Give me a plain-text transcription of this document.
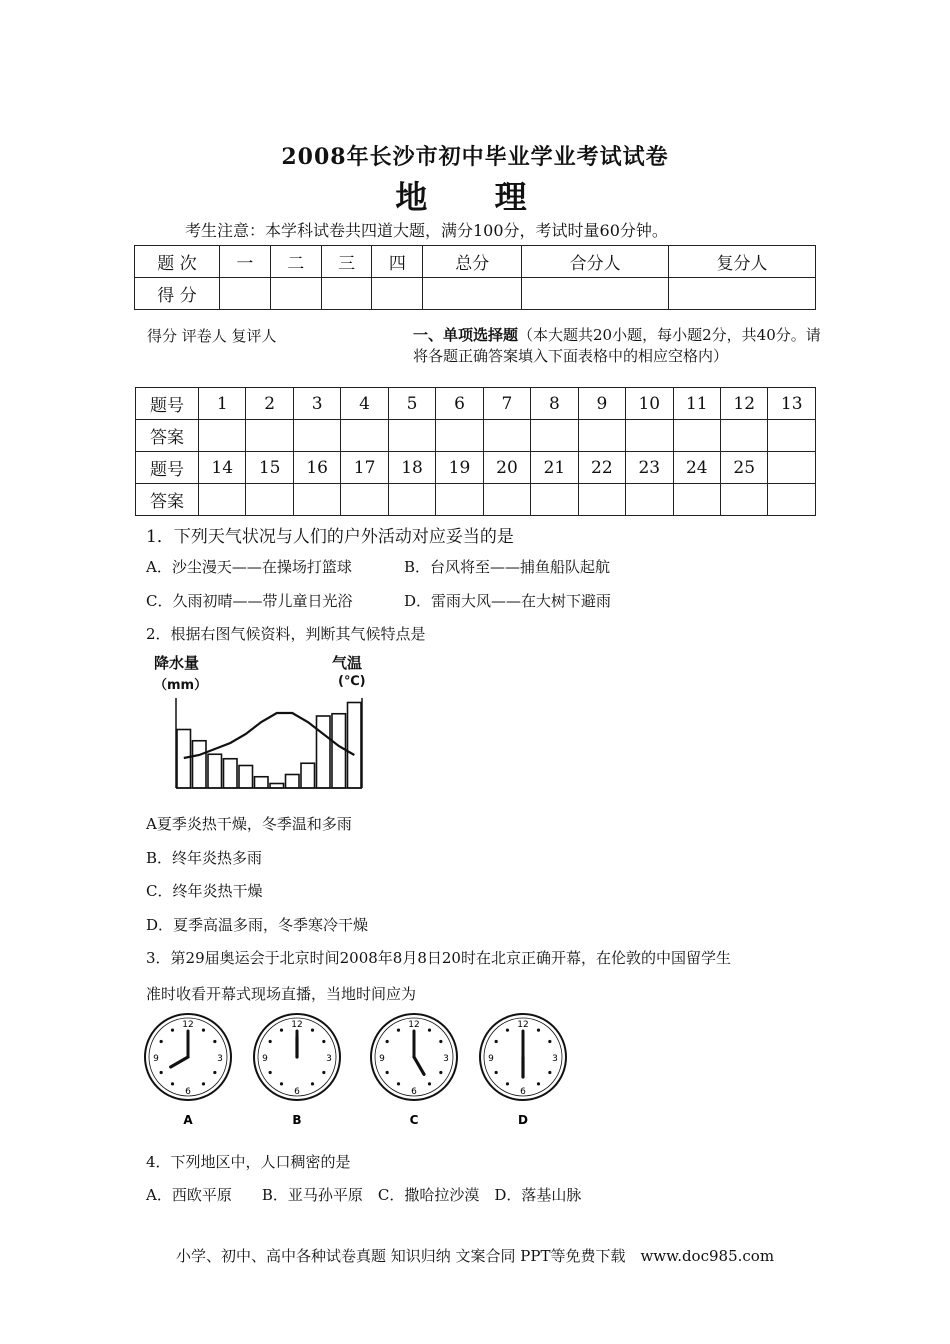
2008年长沙市初中毕业学业考试试卷
地 理
考生注意：本学科试卷共四道大题，满分100分，考试时量60分钟。
题 次	一	二	三	四	总分	合分人	复分人
得 分							
得分 评卷人 复评人	一、单项选择题（本大题共20小题，每小题2分，共40分。请将各题正确答案填入下面表格中的相应空格内）
题号	1	2	3	4	5	6	7	8	9	10	11	12	13
答案													
题号	14	15	16	17	18	19	20	21	22	23	24	25	
答案													
1．下列天气状况与人们的户外活动对应妥当的是
A．沙尘漫天——在操场打篮球	B．台风将至——捕鱼船队起航
C．久雨初晴——带儿童日光浴	D．雷雨大风——在大树下避雨
2．根据右图气候资料，判断其气候特点是
降水量
（mm）
气温
(℃)
A夏季炎热干燥，冬季温和多雨
B．终年炎热多雨
C．终年炎热干燥
D．夏季高温多雨，冬季寒冷干燥
3．第29届奥运会于北京时间2008年8月8日20时在北京正确开幕，在伦敦的中国留学生
准时收看开幕式现场直播，当地时间应为
12
3
6
9
A
12
3
6
9
B
12
3
6
9
C
12
3
6
9
D
4．下列地区中，人口稠密的是
A．西欧平原　　B．亚马孙平原　C．撒哈拉沙漠　D．落基山脉
小学、初中、高中各种试卷真题 知识归纳 文案合同 PPT等免费下载　www.doc985.com
